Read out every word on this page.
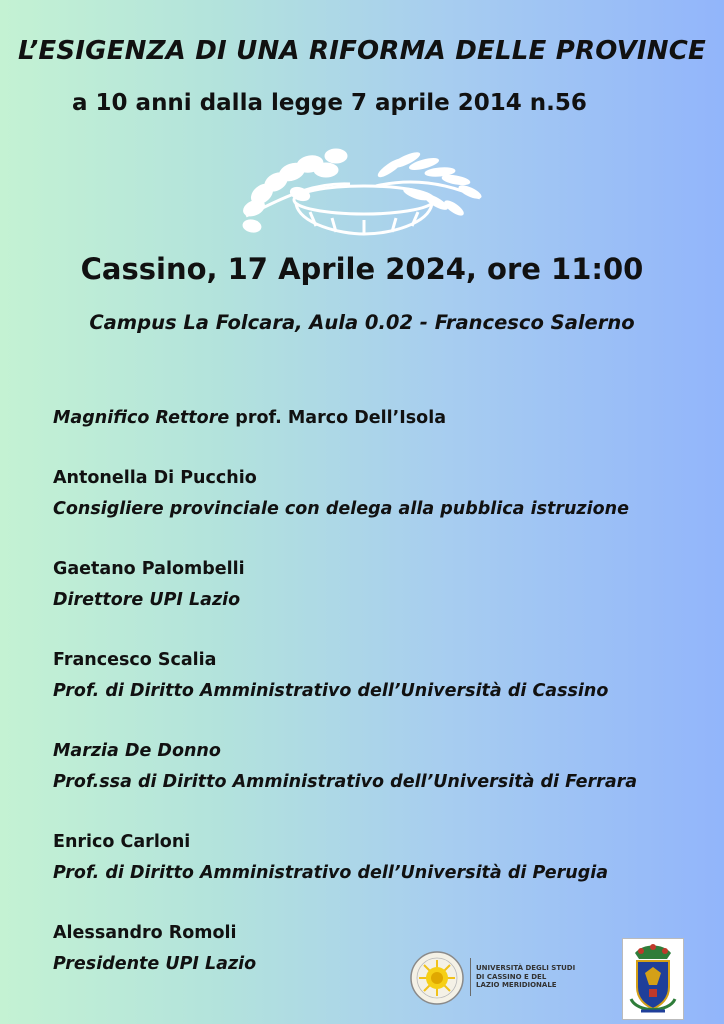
L’ESIGENZA DI UNA RIFORMA DELLE PROVINCE
a 10 anni dalla legge 7 aprile 2014 n.56
Cassino, 17 Aprile 2024, ore 11:00
Campus La Folcara, Aula 0.02 - Francesco Salerno
Magnifico Rettore prof. Marco Dell’Isola
Antonella Di Pucchio
Consigliere provinciale con delega alla pubblica istruzione
Gaetano Palombelli
Direttore UPI Lazio
Francesco Scalia
Prof. di Diritto Amministrativo dell’Università di Cassino
Marzia De Donno
Prof.ssa di Diritto Amministrativo dell’Università di Ferrara
Enrico Carloni
Prof. di Diritto Amministrativo dell’Università di Perugia
Alessandro Romoli
Presidente UPI Lazio	UNIVERSITÀ DEGLI STUDI
DI CASSINO E DEL
LAZIO MERIDIONALE
